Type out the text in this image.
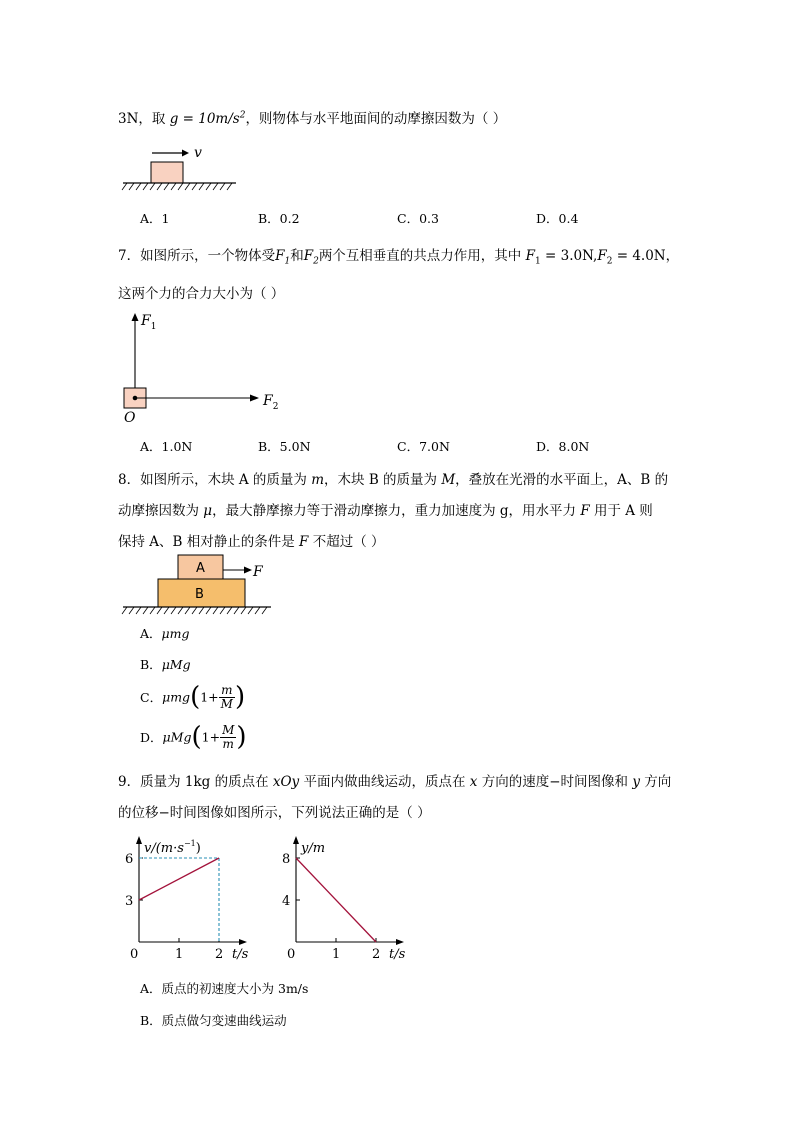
3N，取 $g = 10m/s^2$，则物体与水平地面间的动摩擦因数为（ ）
v
A．1	B．0.2	C．0.3	D．0.4
7．如图所示，一个物体受$F_1$和$F_2$两个互相垂直的共点力作用，其中 $F_1 = 3.0N,F_2 = 4.0N$，
这两个力的合力大小为（ ）
$F_1$
$F_2$
O
A．1.0N	B．5.0N	C．7.0N	D．8.0N
8．如图所示，木块 A 的质量为 m，木块 B 的质量为 M，叠放在光滑的水平面上，A、B 的
动摩擦因数为 μ，最大静摩擦力等于滑动摩擦力，重力加速度为 g，用水平力 F 用于 A 则
保持 A、B 相对静止的条件是 F 不超过（ ）
A	F
B
A．μmg
B．μMg
C．$\mu mg(1+ \frac{m}{M}$ )
D．$\mu Mg(1+ \frac{M}{m}$ )
9．质量为 1kg 的质点在 xOy 平面内做曲线运动，质点在 x 方向的速度−时间图像和 y 方向
的位移−时间图像如图所示，下列说法正确的是（ ）
$v/(m\cdot s^{-1})$
t/s
0	1 2
3
6
y/m
t/s
0	1 2
4
8
A．质点的初速度大小为 3m/s
B．质点做匀变速曲线运动
